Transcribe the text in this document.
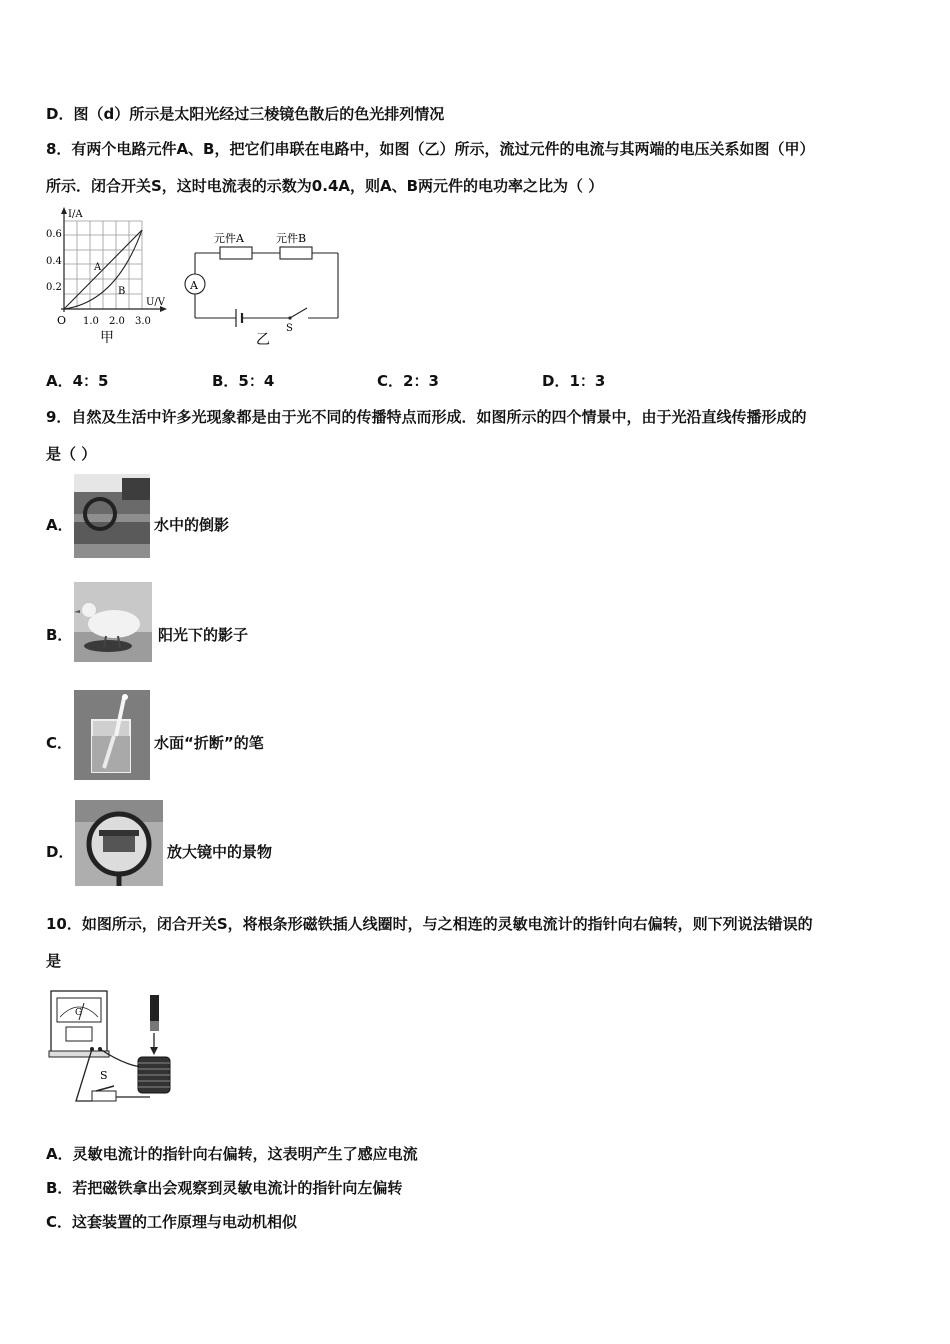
D．图（d）所示是太阳光经过三棱镜色散后的色光排列情况
8．有两个电路元件A、B，把它们串联在电路中，如图（乙）所示，流过元件的电流与其两端的电压关系如图（甲）
所示．闭合开关S，这时电流表的示数为0.4A，则A、B两元件的电功率之比为（ ）
I/A
U/V
O
0.6
0.4
0.2
1.0 2.0 3.0
A
B
甲
A
元件A	元件B
S
乙
A．4：5	B．5：4	C．2：3	D．1：3
9．自然及生活中许多光现象都是由于光不同的传播特点而形成．如图所示的四个情景中，由于光沿直线传播形成的
是（ ）
A．	水中的倒影
B．	阳光下的影子
C．	水面“折断”的笔
D．	放大镜中的景物
10．如图所示，闭合开关S，将根条形磁铁插人线圈时，与之相连的灵敏电流计的指针向右偏转，则下列说法错误的
是
G
S
A．灵敏电流计的指针向右偏转，这表明产生了感应电流
B．若把磁铁拿出会观察到灵敏电流计的指针向左偏转
C．这套装置的工作原理与电动机相似
